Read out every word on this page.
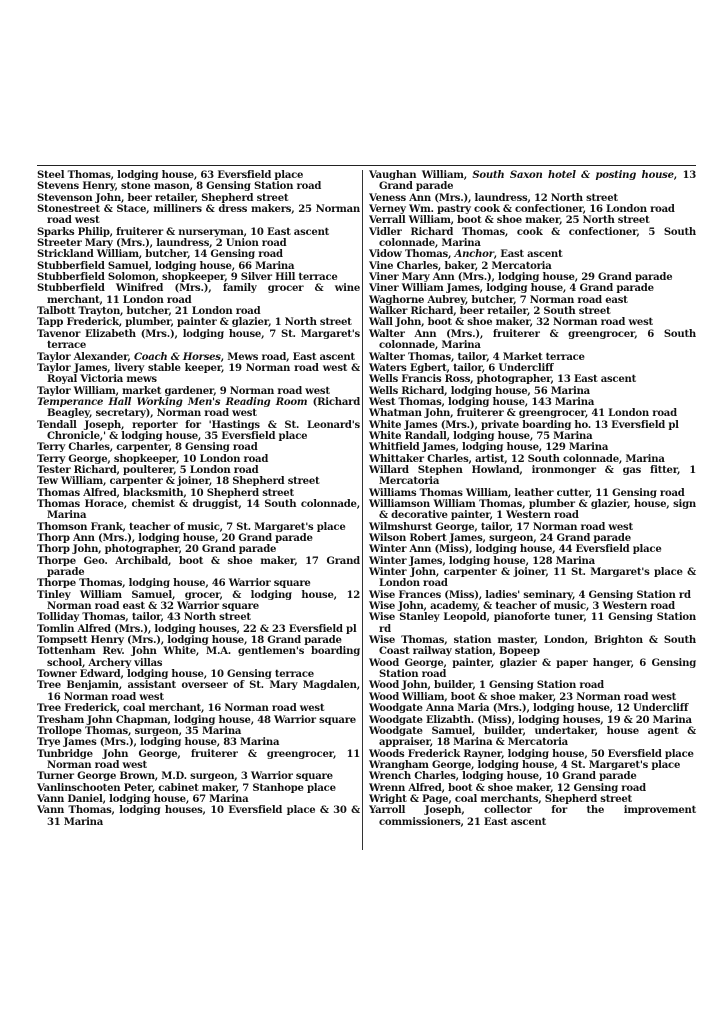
Steel Thomas, lodging house, 63 Eversfield place

Stevens Henry, stone mason, 8 Gensing Station road

Stevenson John, beer retailer, Shepherd street

Stonestreet & Stace, milliners & dress makers, 25 Norman road west

Sparks Philip, fruiterer & nurseryman, 10 East ascent

Streeter Mary (Mrs.), laundress, 2 Union road

Strickland William, butcher, 14 Gensing road

Stubberfield Samuel, lodging house, 66 Marina

Stubberfield Solomon, shopkeeper, 9 Silver Hill terrace

Stubberfield Winifred (Mrs.), family grocer & wine merchant, 11 London road

Talbott Trayton, butcher, 21 London road

Tapp Frederick, plumber, painter & glazier, 1 North street

Tavenor Elizabeth (Mrs.), lodging house, 7 St. Margaret's terrace

Taylor Alexander, Coach & Horses, Mews road, East ascent

Taylor James, livery stable keeper, 19 Norman road west & Royal Victoria mews

Taylor William, market gardener, 9 Norman road west

Temperance Hall Working Men's Reading Room (Richard Beagley, secretary), Norman road west

Tendall Joseph, reporter for 'Hastings & St. Leonard's Chronicle,' & lodging house, 35 Eversfield place

Terry Charles, carpenter, 8 Gensing road

Terry George, shopkeeper, 10 London road

Tester Richard, poulterer, 5 London road

Tew William, carpenter & joiner, 18 Shepherd street

Thomas Alfred, blacksmith, 10 Shepherd street

Thomas Horace, chemist & druggist, 14 South colonnade, Marina

Thomson Frank, teacher of music, 7 St. Margaret's place

Thorp Ann (Mrs.), lodging house, 20 Grand parade

Thorp John, photographer, 20 Grand parade

Thorpe Geo. Archibald, boot & shoe maker, 17 Grand parade

Thorpe Thomas, lodging house, 46 Warrior square

Tinley William Samuel, grocer, & lodging house, 12 Norman road east & 32 Warrior square

Tolliday Thomas, tailor, 43 North street

Tomlin Alfred (Mrs.), lodging houses, 22 & 23 Eversfield pl

Tompsett Henry (Mrs.), lodging house, 18 Grand parade

Tottenham Rev. John White, M.A. gentlemen's boarding school, Archery villas

Towner Edward, lodging house, 10 Gensing terrace

Tree Benjamin, assistant overseer of St. Mary Magdalen, 16 Norman road west

Tree Frederick, coal merchant, 16 Norman road west

Tresham John Chapman, lodging house, 48 Warrior square

Trollope Thomas, surgeon, 35 Marina

Trye James (Mrs.), lodging house, 83 Marina

Tunbridge John George, fruiterer & greengrocer, 11 Norman road west

Turner George Brown, M.D. surgeon, 3 Warrior square

Vanlinschooten Peter, cabinet maker, 7 Stanhope place

Vann Daniel, lodging house, 67 Marina

Vann Thomas, lodging houses, 10 Eversfield place & 30 & 31 Marina

Vaughan William, South Saxon hotel & posting house, 13 Grand parade

Veness Ann (Mrs.), laundress, 12 North street

Verney Wm. pastry cook & confectioner, 16 London road

Verrall William, boot & shoe maker, 25 North street

Vidler Richard Thomas, cook & confectioner, 5 South colonnade, Marina

Vidow Thomas, Anchor, East ascent

Vine Charles, baker, 2 Mercatoria

Viner Mary Ann (Mrs.), lodging house, 29 Grand parade

Viner William James, lodging house, 4 Grand parade

Waghorne Aubrey, butcher, 7 Norman road east

Walker Richard, beer retailer, 2 South street

Wall John, boot & shoe maker, 32 Norman road west

Walter Ann (Mrs.), fruiterer & greengrocer, 6 South colonnade, Marina

Walter Thomas, tailor, 4 Market terrace

Waters Egbert, tailor, 6 Undercliff

Wells Francis Ross, photographer, 13 East ascent

Wells Richard, lodging house, 56 Marina

West Thomas, lodging house, 143 Marina

Whatman John, fruiterer & greengrocer, 41 London road

White James (Mrs.), private boarding ho. 13 Eversfield pl

White Randall, lodging house, 75 Marina

Whitfield James, lodging house, 129 Marina

Whittaker Charles, artist, 12 South colonnade, Marina

Willard Stephen Howland, ironmonger & gas fitter, 1 Mercatoria

Williams Thomas William, leather cutter, 11 Gensing road

Williamson William Thomas, plumber & glazier, house, sign & decorative painter, 1 Western road

Wilmshurst George, tailor, 17 Norman road west

Wilson Robert James, surgeon, 24 Grand parade

Winter Ann (Miss), lodging house, 44 Eversfield place

Winter James, lodging house, 128 Marina

Winter John, carpenter & joiner, 11 St. Margaret's place & London road

Wise Frances (Miss), ladies' seminary, 4 Gensing Station rd

Wise John, academy, & teacher of music, 3 Western road

Wise Stanley Leopold, pianoforte tuner, 11 Gensing Station rd

Wise Thomas, station master, London, Brighton & South Coast railway station, Bopeep

Wood George, painter, glazier & paper hanger, 6 Gensing Station road

Wood John, builder, 1 Gensing Station road

Wood William, boot & shoe maker, 23 Norman road west

Woodgate Anna Maria (Mrs.), lodging house, 12 Undercliff

Woodgate Elizabth. (Miss), lodging houses, 19 & 20 Marina

Woodgate Samuel, builder, undertaker, house agent & appraiser, 18 Marina & Mercatoria

Woods Frederick Rayner, lodging house, 50 Eversfield place

Wrangham George, lodging house, 4 St. Margaret's place

Wrench Charles, lodging house, 10 Grand parade

Wrenn Alfred, boot & shoe maker, 12 Gensing road

Wright & Page, coal merchants, Shepherd street

Yarroll Joseph, collector for the improvement commissioners, 21 East ascent
